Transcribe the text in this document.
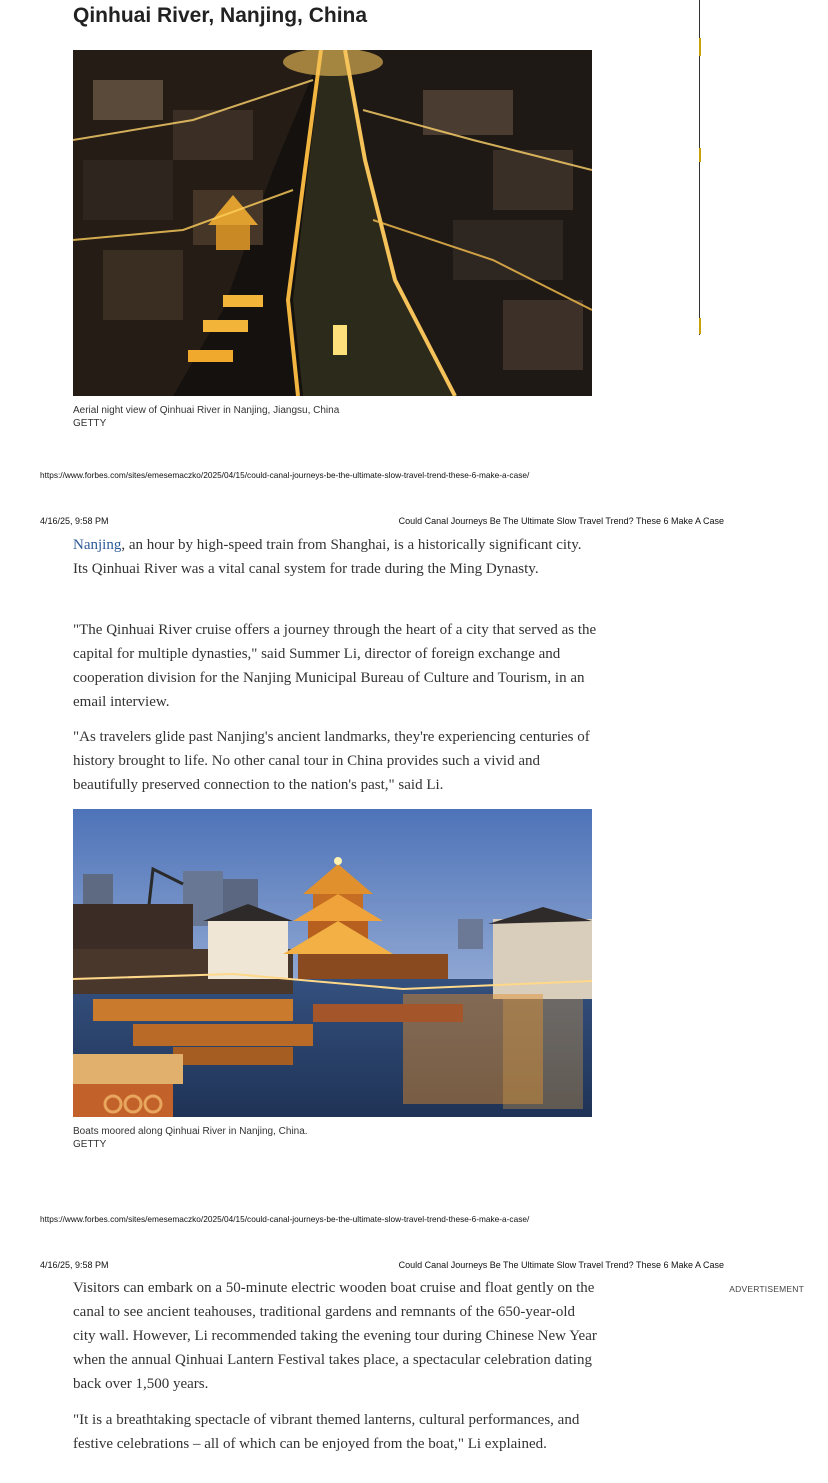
Qinhuai River, Nanjing, China
Aerial night view of Qinhuai River in Nanjing, Jiangsu, China
GETTY
https://www.forbes.com/sites/emesemaczko/2025/04/15/could-canal-journeys-be-the-ultimate-slow-travel-trend-these-6-make-a-case/
4/16/25, 9:58 PM	Could Canal Journeys Be The Ultimate Slow Travel Trend? These 6 Make A Case

Nanjing, an hour by high-speed train from Shanghai, is a historically significant city. Its Qinhuai River was a vital canal system for trade during the Ming Dynasty.

"The Qinhuai River cruise offers a journey through the heart of a city that served as the capital for multiple dynasties," said Summer Li, director of foreign exchange and cooperation division for the Nanjing Municipal Bureau of Culture and Tourism, in an email interview.

"As travelers glide past Nanjing's ancient landmarks, they're experiencing centuries of history brought to life. No other canal tour in China provides such a vivid and beautifully preserved connection to the nation's past," said Li.

Boats moored along Qinhuai River in Nanjing, China.
GETTY
https://www.forbes.com/sites/emesemaczko/2025/04/15/could-canal-journeys-be-the-ultimate-slow-travel-trend-these-6-make-a-case/
4/16/25, 9:58 PM	Could Canal Journeys Be The Ultimate Slow Travel Trend? These 6 Make A Case
ADVERTISEMENT

Visitors can embark on a 50-minute electric wooden boat cruise and float gently on the canal to see ancient teahouses, traditional gardens and remnants of the 650-year-old city wall. However, Li recommended taking the evening tour during Chinese New Year when the annual Qinhuai Lantern Festival takes place, a spectacular celebration dating back over 1,500 years.

"It is a breathtaking spectacle of vibrant themed lanterns, cultural performances, and festive celebrations – all of which can be enjoyed from the boat," Li explained.
